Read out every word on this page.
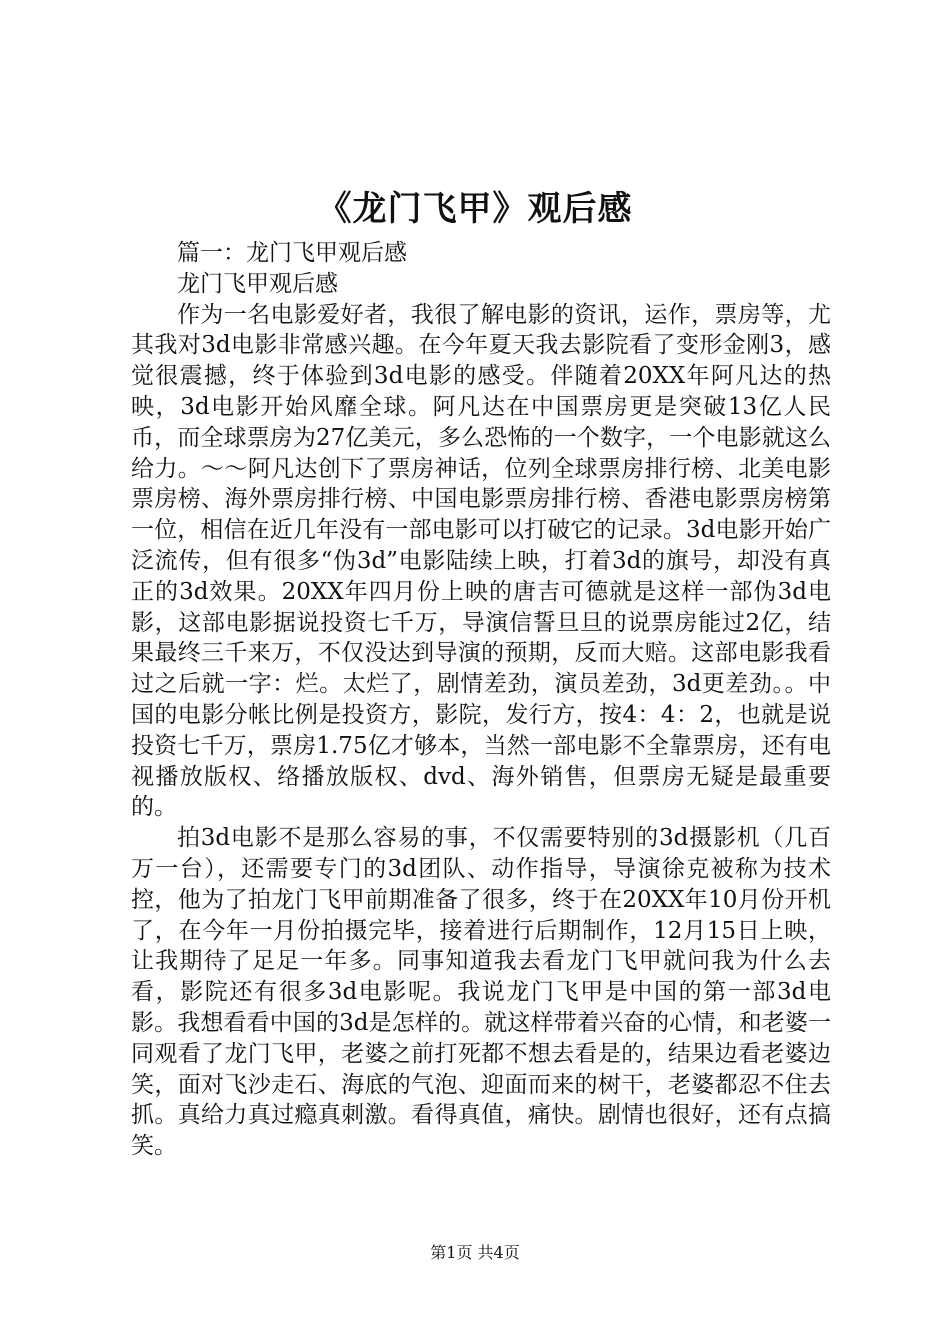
《龙门飞甲》观后感

篇一：龙门飞甲观后感

龙门飞甲观后感

作为一名电影爱好者，我很了解电影的资讯，运作，票房等，尤其我对3d电影非常感兴趣。在今年夏天我去影院看了变形金刚3，感觉很震撼，终于体验到3d电影的感受。伴随着20XX年阿凡达的热映，3d电影开始风靡全球。阿凡达在中国票房更是突破13亿人民币，而全球票房为27亿美元，多么恐怖的一个数字，一个电影就这么给力。～～阿凡达创下了票房神话，位列全球票房排行榜、北美电影票房榜、海外票房排行榜、中国电影票房排行榜、香港电影票房榜第一位，相信在近几年没有一部电影可以打破它的记录。3d电影开始广泛流传，但有很多“伪3d”电影陆续上映，打着3d的旗号，却没有真正的3d效果。20XX年四月份上映的唐吉可德就是这样一部伪3d电影，这部电影据说投资七千万，导演信誓旦旦的说票房能过2亿，结果最终三千来万，不仅没达到导演的预期，反而大赔。这部电影我看过之后就一字：烂。太烂了，剧情差劲，演员差劲，3d更差劲。。中国的电影分帐比例是投资方，影院，发行方，按4：4：2，也就是说投资七千万，票房1.75亿才够本，当然一部电影不全靠票房，还有电视播放版权、络播放版权、dvd、海外销售，但票房无疑是最重要的。

拍3d电影不是那么容易的事，不仅需要特别的3d摄影机（几百万一台），还需要专门的3d团队、动作指导，导演徐克被称为技术控，他为了拍龙门飞甲前期准备了很多，终于在20XX年10月份开机了，在今年一月份拍摄完毕，接着进行后期制作，12月15日上映，让我期待了足足一年多。同事知道我去看龙门飞甲就问我为什么去看，影院还有很多3d电影呢。我说龙门飞甲是中国的第一部3d电影。我想看看中国的3d是怎样的。就这样带着兴奋的心情，和老婆一同观看了龙门飞甲，老婆之前打死都不想去看是的，结果边看老婆边笑，面对飞沙走石、海底的气泡、迎面而来的树干，老婆都忍不住去抓。真给力真过瘾真刺激。看得真值，痛快。剧情也很好，还有点搞笑。

第1页 共4页
